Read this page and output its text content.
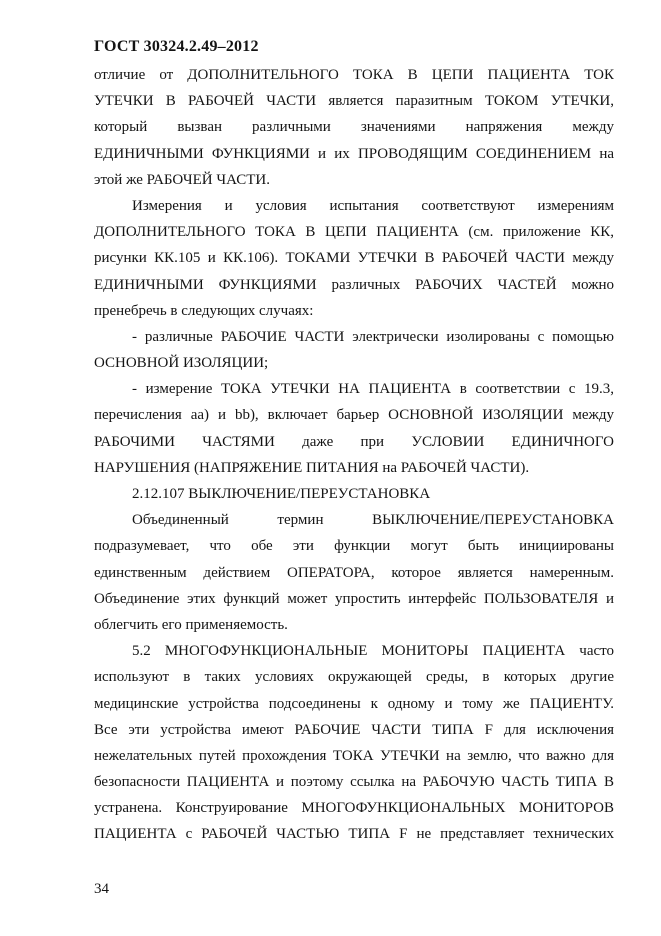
ГОСТ 30324.2.49–2012
отличие от ДОПОЛНИТЕЛЬНОГО ТОКА В ЦЕПИ ПАЦИЕНТА ТОК
УТЕЧКИ В РАБОЧЕЙ ЧАСТИ является паразитным ТОКОМ УТЕЧКИ,
который вызван различными значениями напряжения между
ЕДИНИЧНЫМИ ФУНКЦИЯМИ и их ПРОВОДЯЩИМ СОЕДИНЕНИЕМ на
этой же РАБОЧЕЙ ЧАСТИ.
Измерения и условия испытания соответствуют измерениям
ДОПОЛНИТЕЛЬНОГО ТОКА В ЦЕПИ ПАЦИЕНТА (см. приложение КК,
рисунки КК.105 и КК.106). ТОКАМИ УТЕЧКИ В РАБОЧЕЙ ЧАСТИ между
ЕДИНИЧНЫМИ ФУНКЦИЯМИ различных РАБОЧИХ ЧАСТЕЙ можно
пренебречь в следующих случаях:
- различные РАБОЧИЕ ЧАСТИ электрически изолированы с помощью
ОСНОВНОЙ ИЗОЛЯЦИИ;
- измерение ТОКА УТЕЧКИ НА ПАЦИЕНТА в соответствии с 19.3,
перечисления аа) и bb), включает барьер ОСНОВНОЙ ИЗОЛЯЦИИ между
РАБОЧИМИ ЧАСТЯМИ даже при УСЛОВИИ ЕДИНИЧНОГО
НАРУШЕНИЯ (НАПРЯЖЕНИЕ ПИТАНИЯ на РАБОЧЕЙ ЧАСТИ).
2.12.107 ВЫКЛЮЧЕНИЕ/ПЕРЕУСТАНОВКА
Объединенный термин ВЫКЛЮЧЕНИЕ/ПЕРЕУСТАНОВКА
подразумевает, что обе эти функции могут быть инициированы
единственным действием ОПЕРАТОРА, которое является намеренным.
Объединение этих функций может упростить интерфейс ПОЛЬЗОВАТЕЛЯ и
облегчить его применяемость.
5.2 МНОГОФУНКЦИОНАЛЬНЫЕ МОНИТОРЫ ПАЦИЕНТА часто
используют в таких условиях окружающей среды, в которых другие
медицинские устройства подсоединены к одному и тому же ПАЦИЕНТУ.
Все эти устройства имеют РАБОЧИЕ ЧАСТИ ТИПА F для исключения
нежелательных путей прохождения ТОКА УТЕЧКИ на землю, что важно для
безопасности ПАЦИЕНТА и поэтому ссылка на РАБОЧУЮ ЧАСТЬ ТИПА В
устранена. Конструирование МНОГОФУНКЦИОНАЛЬНЫХ МОНИТОРОВ
ПАЦИЕНТА с РАБОЧЕЙ ЧАСТЬЮ ТИПА F не представляет технических
34
